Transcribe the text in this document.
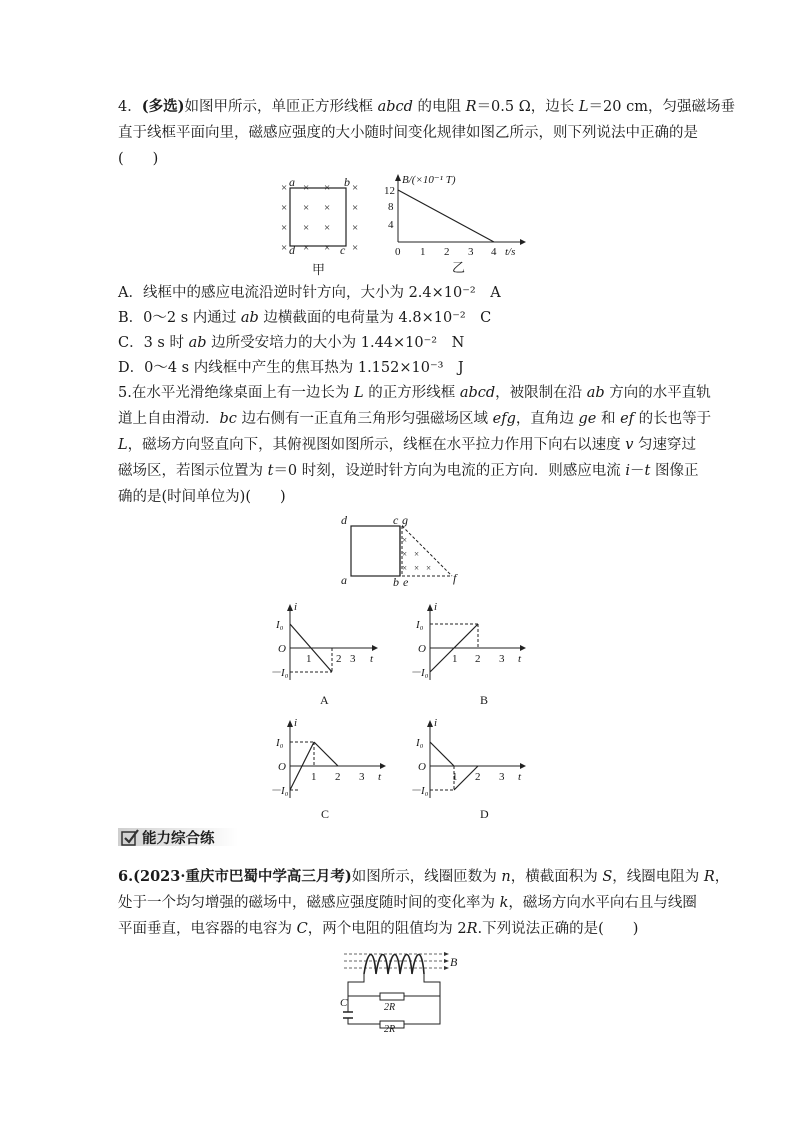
4．(多选)如图甲所示，单匝正方形线框 abcd 的电阻 R＝0.5 Ω，边长 L＝20 cm，匀强磁场垂
直于线框平面向里，磁感应强度的大小随时间变化规律如图乙所示，则下列说法中正确的是
(　　)
× × × ×
× × × ×
× × × ×
× × × ×
a	b
c
d
甲
12
8
4
0 1 2 3 4 t/s
B/(×10⁻¹ T)
乙
A．线框中的感应电流沿逆时针方向，大小为 2.4×10⁻²　A
B．0～2 s 内通过 ab 边横截面的电荷量为 4.8×10⁻²　C
C．3 s 时 ab 边所受安培力的大小为 1.44×10⁻²　N
D．0～4 s 内线框中产生的焦耳热为 1.152×10⁻³　J
5.在水平光滑绝缘桌面上有一边长为 L 的正方形线框 abcd，被限制在沿 ab 方向的水平直轨
道上自由滑动．bc 边右侧有一正直角三角形匀强磁场区域 efg，直角边 ge 和 ef 的长也等于
L，磁场方向竖直向下，其俯视图如图所示，线框在水平拉力作用下向右以速度 v 匀速穿过
磁场区，若图示位置为 t＝0 时刻，设逆时针方向为电流的正方向．则感应电流 i－t 图像正
确的是(时间单位为)(　　)
×
× ×
× × ×
d	c g
a	b e	f
i
t
I₀
O
－I₀
1 2 3
A
i
t
I₀
O
－I₀
1 2 3
B
i
t
I₀
O
－I₀
1 2 3
C
i
t
I₀
O
－I₀
1 2 3
D
能力综合练
6.(2023·重庆市巴蜀中学高三月考)如图所示，线圈匝数为 n，横截面积为 S，线圈电阻为 R，
处于一个均匀增强的磁场中，磁感应强度随时间的变化率为 k，磁场方向水平向右且与线圈
平面垂直，电容器的电容为 C，两个电阻的阻值均为 2R.下列说法正确的是(　　)
B
C	2R
2R
